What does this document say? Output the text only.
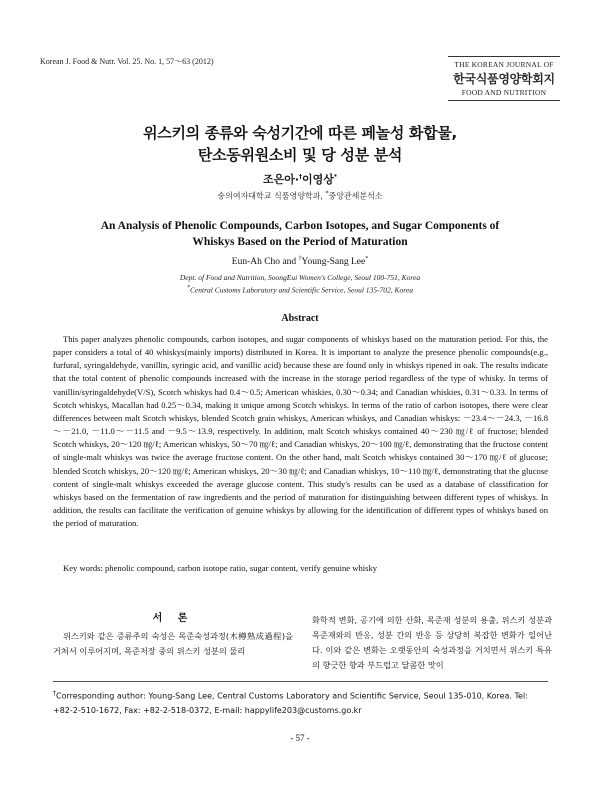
Korean J. Food & Nutr. Vol. 25. No. 1, 57～63 (2012)	THE KOREAN JOURNAL OF
한국식품영양학회지
FOOD AND NUTRITION
위스키의 종류와 숙성기간에 따른 페놀성 화합물,
탄소동위원소비 및 당 성분 분석
조은아·†이영상*
숭의여자대학교 식품영양학과, *중앙관세분석소
An Analysis of Phenolic Compounds, Carbon Isotopes, and Sugar Components of
Whiskys Based on the Period of Maturation
Eun-Ah Cho and †Young-Sang Lee*
Dept. of Food and Nutrition, SoongEui Women's College, Seoul 100-751, Korea
*Central Customs Laboratory and Scientific Service, Seoul 135-702, Korea
Abstract
This paper analyzes phenolic compounds, carbon isotopes, and sugar components of whiskys based on the maturation period. For this, the paper considers a total of 40 whiskys(mainly imports) distributed in Korea. It is important to analyze the presence phenolic compounds(e.g., furfural, syringaldehyde, vanillin, syringic acid, and vanillic acid) because these are found only in whiskys ripened in oak. The results indicate that the total content of phenolic compounds increased with the increase in the storage period regardless of the type of whisky. In terms of vanillin/syringaldehyde(V/S), Scotch whiskys had 0.4～0.5; American whiskies, 0.30～0.34; and Canadian whiskies, 0.31～0.33. In terms of Scotch whiskys, Macallan had 0.25～0.34, making it unique among Scotch whiskys. In terms of the ratio of carbon isotopes, there were clear differences between malt Scotch whiskys, blended Scotch grain whiskys, American whiskys, and Canadian whiskys: －23.4～－24.3, －16.8～－21.0, －11.0～－11.5 and －9.5～13.9, respectively. In addition, malt Scotch whiskys contained 40～230 ㎎/ℓ of fructose; blended Scotch whiskys, 20～120 ㎎/ℓ; American whiskys, 50～70 ㎎/ℓ; and Canadian whiskys, 20～100 ㎎/ℓ, demonstrating that the fructose content of single-malt whiskys was twice the average fructose content. On the other hand, malt Scotch whiskys contained 30～170 ㎎/ℓ of glucose; blended Scotch whiskys, 20～120 ㎎/ℓ; American whiskys, 20～30 ㎎/ℓ; and Canadian whiskys, 10～110 ㎎/ℓ, demonstrating that the glucose content of single-malt whiskys exceeded the average glucose content. This study's results can be used as a database of classification for whiskys based on the fermentation of raw ingredients and the period of maturation for distinguishing between different types of whiskys. In addition, the results can facilitate the verification of genuine whiskys by allowing for the identification of different types of whiskys based on the period of maturation.
Key words: phenolic compound, carbon isotope ratio, sugar content, verify genuine whisky
서 론
위스키와 같은 증류주의 숙성은 목준숙성과정(木樽熟成過程)을 거쳐서 이루어지며, 목준저장 중의 위스키 성분의 물리
화학적 변화, 공기에 의한 산화, 목준재 성분의 용출, 위스키 성분과 목준재와의 반응, 성분 간의 반응 등 상당히 복잡한 변화가 일어난다. 이와 같은 변화는 오랫동안의 숙성과정을 거치면서 위스키 특유의 향긋한 향과 부드럽고 달콤한 맛이
†Corresponding author: Young-Sang Lee, Central Customs Laboratory and Scientific Service, Seoul 135-010, Korea. Tel: +82-2-510-1672, Fax: +82-2-518-0372, E-mail: happylife203@customs.go.kr
- 57 -
